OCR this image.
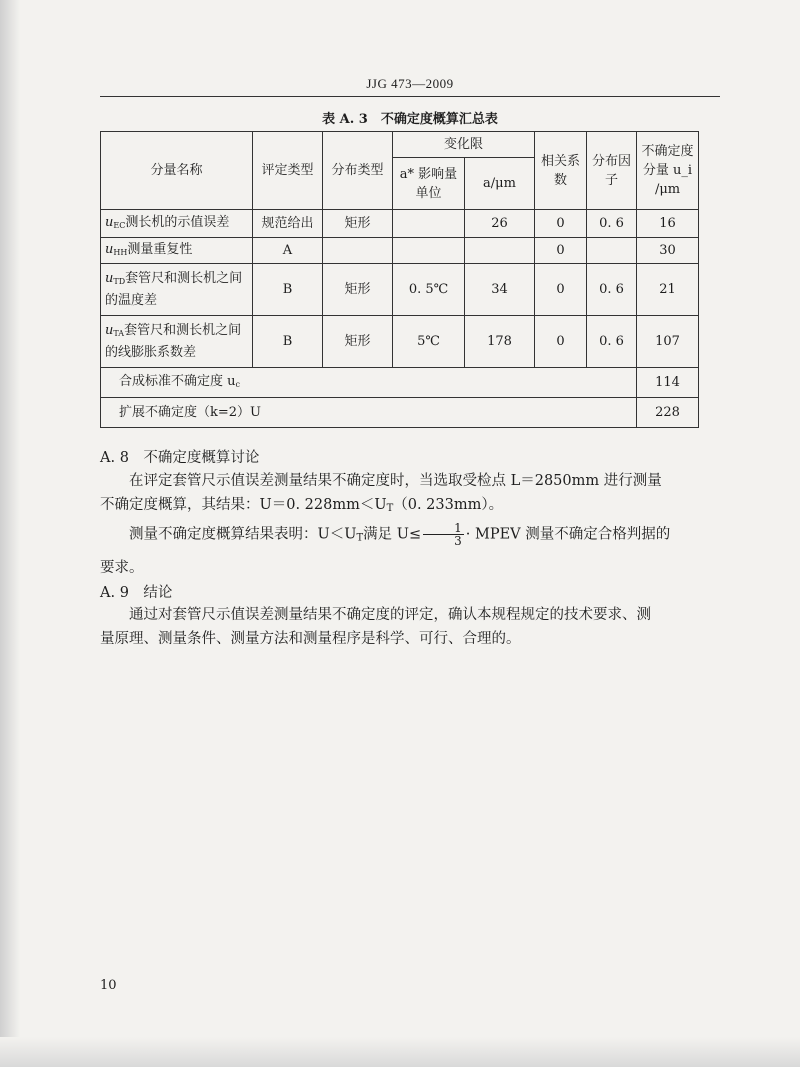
JJG 473—2009
表 A. 3　不确定度概算汇总表
分量名称	评定类型	分布类型	变化限		相关系数	分布因子	不确定度分量 u_i /μm
			a* 影响量单位	a/μm			
$u_{EC}$测长机的示值误差	规范给出	矩形		26	0	0. 6	16
$u_{HH}$测量重复性	A				0		30
$u_{TD}$套管尺和测长机之间的温度差	B	矩形	0. 5℃	34	0	0. 6	21
$u_{TA}$套管尺和测长机之间的线膨胀系数差	B	矩形	5℃	178	0	0. 6	107
合成标准不确定度 $u_c$							114
扩展不确定度（k=2）U							228
A. 8　不确定度概算讨论
在评定套管尺示值误差测量结果不确定度时，当选取受检点 L＝2850mm 进行测量
不确定度概算，其结果：U＝0. $228mm<U_T(0$. 233mm）。
测量不确定度概算结果表明：$U<U_T$满足 $U\le \frac{1}{3}$ · MPEV 测量不确定合格判据的
要求。
A. 9　结论
通过对套管尺示值误差测量结果不确定度的评定，确认本规程规定的技术要求、测
量原理、测量条件、测量方法和测量程序是科学、可行、合理的。
10
